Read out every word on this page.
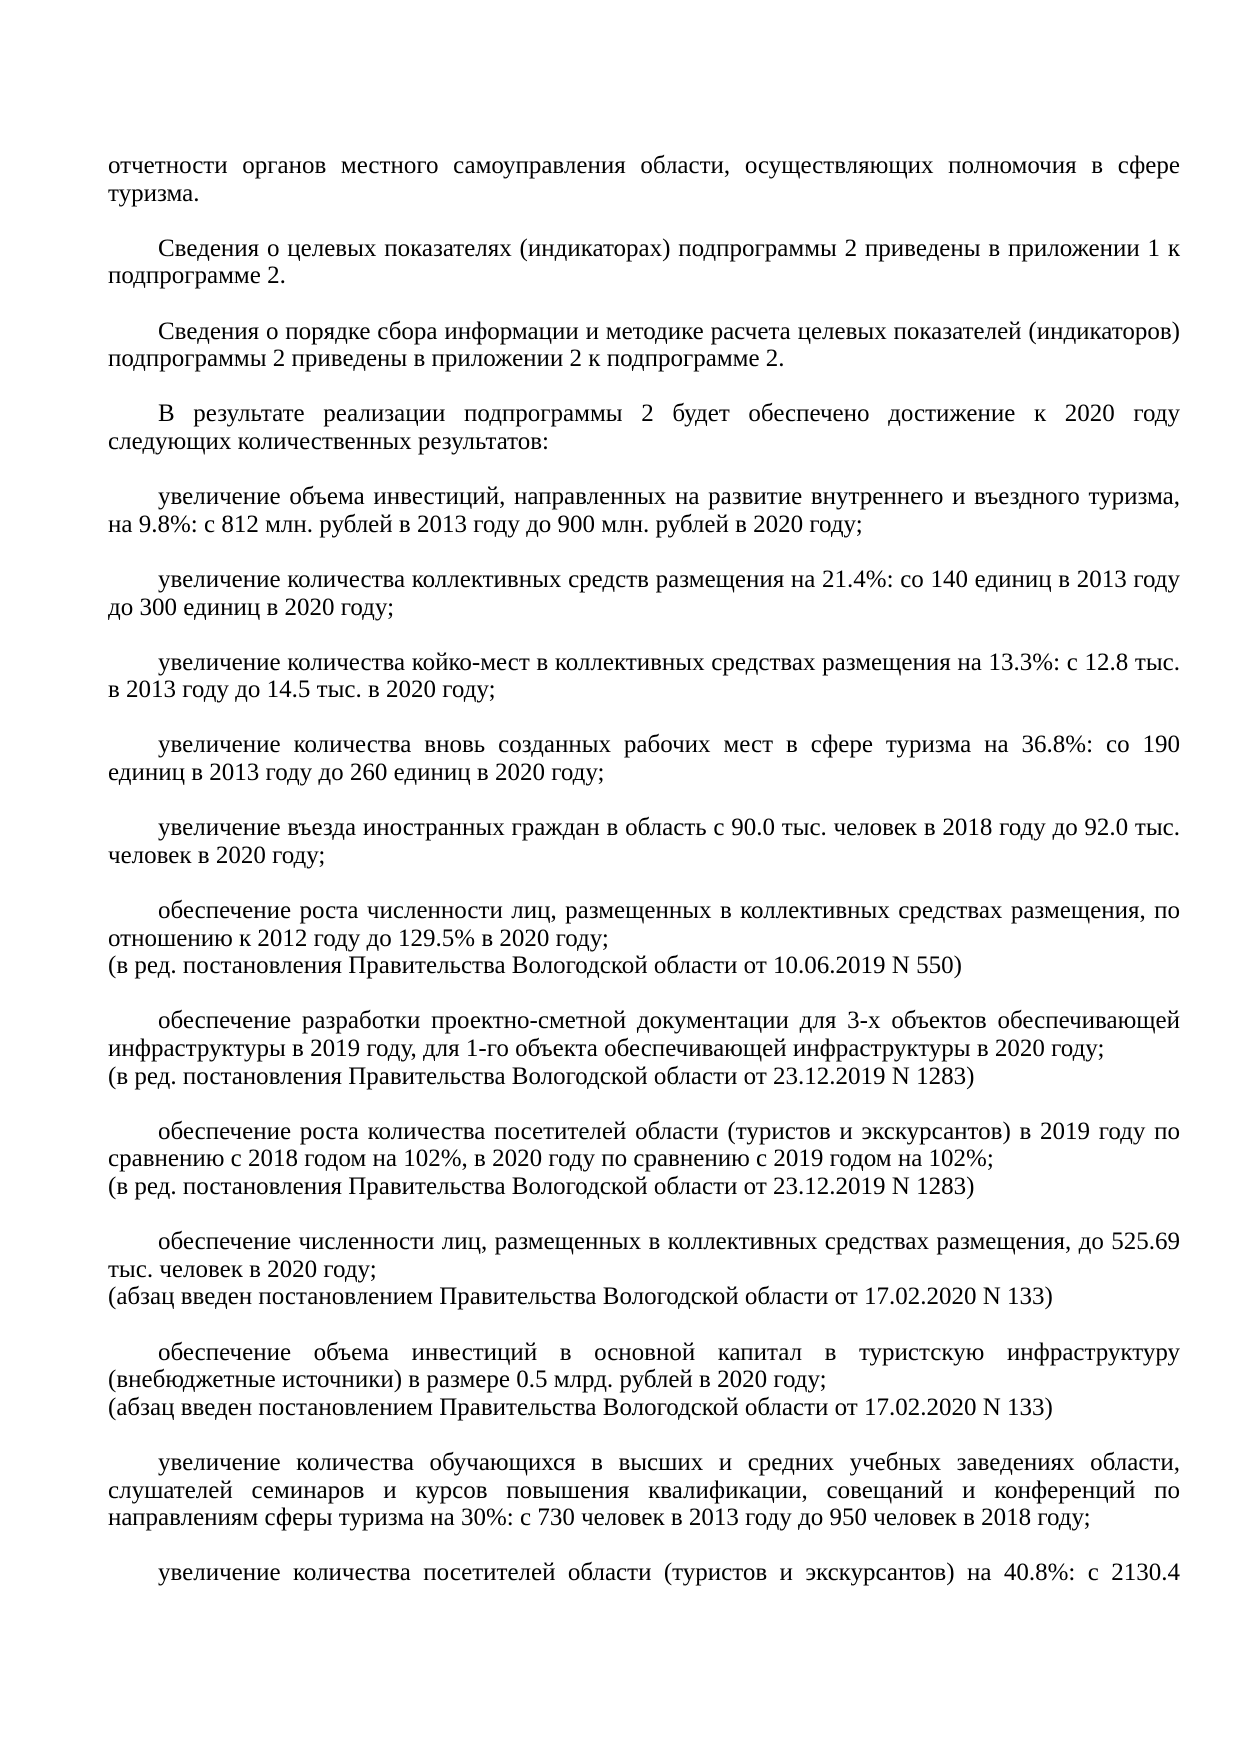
отчетности органов местного самоуправления области, осуществляющих полномочия в сфере туризма.

Сведения о целевых показателях (индикаторах) подпрограммы 2 приведены в приложении 1 к подпрограмме 2.

Сведения о порядке сбора информации и методике расчета целевых показателей (индикаторов) подпрограммы 2 приведены в приложении 2 к подпрограмме 2.

В результате реализации подпрограммы 2 будет обеспечено достижение к 2020 году следующих количественных результатов:

увеличение объема инвестиций, направленных на развитие внутреннего и въездного туризма, на 9.8%: с 812 млн. рублей в 2013 году до 900 млн. рублей в 2020 году;

увеличение количества коллективных средств размещения на 21.4%: со 140 единиц в 2013 году до 300 единиц в 2020 году;

увеличение количества койко-мест в коллективных средствах размещения на 13.3%: с 12.8 тыс. в 2013 году до 14.5 тыс. в 2020 году;

увеличение количества вновь созданных рабочих мест в сфере туризма на 36.8%: со 190 единиц в 2013 году до 260 единиц в 2020 году;

увеличение въезда иностранных граждан в область с 90.0 тыс. человек в 2018 году до 92.0 тыс. человек в 2020 году;

обеспечение роста численности лиц, размещенных в коллективных средствах размещения, по отношению к 2012 году до 129.5% в 2020 году;

(в ред. постановления Правительства Вологодской области от 10.06.2019 N 550)

обеспечение разработки проектно-сметной документации для 3-х объектов обеспечивающей инфраструктуры в 2019 году, для 1-го объекта обеспечивающей инфраструктуры в 2020 году;

(в ред. постановления Правительства Вологодской области от 23.12.2019 N 1283)

обеспечение роста количества посетителей области (туристов и экскурсантов) в 2019 году по сравнению с 2018 годом на 102%, в 2020 году по сравнению с 2019 годом на 102%;

(в ред. постановления Правительства Вологодской области от 23.12.2019 N 1283)

обеспечение численности лиц, размещенных в коллективных средствах размещения, до 525.69 тыс. человек в 2020 году;

(абзац введен постановлением Правительства Вологодской области от 17.02.2020 N 133)

обеспечение объема инвестиций в основной капитал в туристскую инфраструктуру (внебюджетные источники) в размере 0.5 млрд. рублей в 2020 году;

(абзац введен постановлением Правительства Вологодской области от 17.02.2020 N 133)

увеличение количества обучающихся в высших и средних учебных заведениях области, слушателей семинаров и курсов повышения квалификации, совещаний и конференций по направлениям сферы туризма на 30%: с 730 человек в 2013 году до 950 человек в 2018 году;

увеличение количества посетителей области (туристов и экскурсантов) на 40.8%: с 2130.4
